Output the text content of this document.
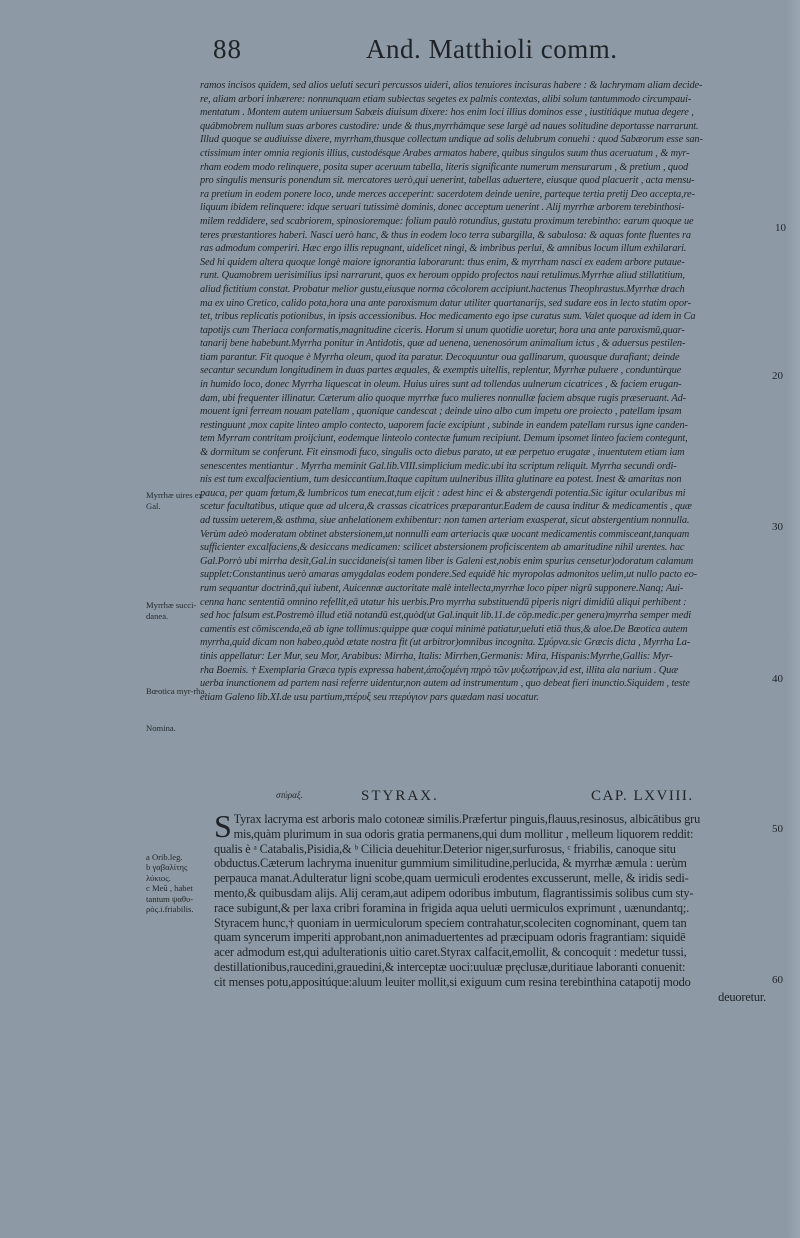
88	And. Matthioli comm.
ramos incisos quidem, sed alios ueluti securi percussos uideri, alios tenuiores incisuras habere : & lachrymam aliam decide-
re, aliam arbori inhærere: nonnunquam etiam subiectas segetes ex palmis contextas, alibi solum tantummodo circumpaui-
mentatum . Montem autem uniuersum Sabæis diuisum dixere: hos enim loci illius dominos esse , iustitiáque mutua degere ,
quábmobrem nullum suas arbores custodire: unde & thus,myrrhámque sese largè ad naues solitudine deportasse narrarunt.
Illud quoque se audiuisse dixere, myrrham,thusque collectum undique ad solis delubrum conuehi : quod Sabæorum esse san-
ctissimum inter omnia regionis illius, custodésque Arabes armatos habere, quibus singulos suum thus aceruatum , & myr-
rham eodem modo relinquere, posita super aceruum tabella, literis significante numerum mensurarum , & pretium , quod
pro singulis mensuris ponendum sit. mercatores uerò,qui uenerint, tabellas aduertere, eiusque quod placuerit , acta mensu-
ra pretium in eodem ponere loco, unde merces acceperint: sacerdotem deinde uenire, parteque tertia pretij Deo accepta,re-
liquum ibidem relinquere: idque seruari tutissimè dominis, donec acceptum uenerint . Alij myrrhæ arborem terebinthosi-
milem reddidere, sed scabriorem, spinosioremque: folium paulò rotundius, gustatu proximum terebintho: earum quoque ue
teres præstantiores haberi. Nasci uerò hanc, & thus in eodem loco terra subargilla, & sabulosa: & aquas fonte fluentes ra
ras admodum comperiri. Hæc ergo illis repugnant, uidelicet ningi, & imbribus perlui, & amnibus locum illum exhilarari.
Sed hi quidem altera quoque longè maiore ignorantia laborarunt: thus enim, & myrrham nasci ex eadem arbore putaue-
runt. Quamobrem uerisimilius ipsi narrarunt, quos ex heroum oppido profectos naui retulimus.Myrrhæ aliud stillatitium,
aliud fictitium constat. Probatur melior gustu,eiusque norma côcolorem accipiunt.hactenus Theophrastus.Myrrhæ drach
ma ex uino Cretico, calido pota,hora una ante paroxismum datur utiliter quartanarijs, sed sudare eos in lecto statim opor-
tet, tribus replicatis potionibus, in ipsis accessionibus. Hoc medicamento ego ipse curatus sum. Valet quoque ad idem in Ca
tapotijs cum Theriaca conformatis,magnitudine ciceris. Horum si unum quotidie uoretur, hora una ante paroxismū,quar-
tanarij bene habebunt.Myrrha ponitur in Antidotis, quæ ad uenena, uenenosórum animalium ictus , & aduersus pestilen-
tiam parantur. Fit quoque è Myrrha oleum, quod ita paratur. Decoquuntur oua gallinarum, quousque durafiant; deinde
secantur secundum longitudinem in duas partes æquales, & exemptis uitellis, replentur, Myrrhæ puluere , conduntúrque
in humido loco, donec Myrrha liquescat in oleum. Huius uires sunt ad tollendas uulnerum cicatrices , & faciem erugan-
dam, ubi frequenter illinatur. Cæterum alio quoque myrrhæ fuco mulieres nonnullæ faciem absque rugis præseruant. Ad-
mouent igni ferream nouam patellam , quoníque candescat ; deinde uino albo cum impetu ore proiecto , patellam ipsam
restinguunt ,mox capite linteo amplo contecto, uaporem facie excipiunt , subinde in eandem patellam rursus igne canden-
tem Myrram contritam proijciunt, eodemque linteolo contectæ fumum recipiunt. Demum ipsomet linteo faciem contegunt,
& dormitum se conferunt. Fit einsmodi fuco, singulis octo diebus parato, ut eæ perpetuo erugatæ , inuentutem etiam iam
senescentes mentiantur . Myrrha meminit Gal.lib.VIII.simplicium medic.ubi ita scriptum reliquit. Myrrha secundi ordi-
nis est tum excalfacientium, tum desiccantium.Itaque capitum uulneribus illita glutinare ea potest. Inest & amaritas non
pauca, per quam fœtum,& lumbricos tum enecat,tum eijcit : adest hinc ei & abstergendi potentia.Sic igitur ocularibus mi
scetur facultatibus, utique quæ ad ulcera,& crassas cicatrices præparantur.Eadem de causa inditur & medicamentis , quæ
ad tussim ueterem,& asthma, siue anhelationem exhibentur: non tamen arteriam exasperat, sicut abstergentium nonnulla.
Verùm adeò moderatam obtinet abstersionem,ut nonnulli eam arteriacis quæ uocant medicamentis commisceant,tanquam
sufficienter excalfaciens,& desiccans medicamen: scilicet abstersionem proficiscentem ab amaritudine nihil urentes. hac
Gal.Porrò ubi mirrha desit,Gal.in succidaneis(si tamen liber is Galeni est,nobis enim spurius censetur)odoratum calamum
supplet:Constantinus uerò amaras amygdalas eodem pondere.Sed equidē hic myropolas admonitos uelim,ut nullo pacto eo-
rum sequantur doctrinā,qui iubent, Auicennæ auctoritate malè intellecta,myrrhæ loco piper nigrū supponere.Nanq; Aui-
cenna hanc sententiā omnino refellit,eā utatur his uerbis.Pro myrrha substituendū piperis nigri dimidiū aliqui perhibent :
sed hoc falsum est.Postremò illud etiā notandū est,quòd(ut Gal.inquit lib.11.de cōp.medic.per genera)myrrha semper medi
camentis est cōmiscenda,eā ab igne tollimus:quippe quæ coqui minimè patiatur,ueluti etiā thus,& aloe.De Bœotica autem
myrrha,quid dicam non habeo,quòd ætate nostra fit (ut arbitror)omnibus incognita. Σμύρνα.sic Græcis dicta , Myrrha La-
tinis appellatur: Ler Mur, seu Mor, Arabibus: Mirrha, Italis: Mirrhen,Germanis: Mira, Hispanis:Myrrhe,Gallis: Myr-
rha Boemis. † Exemplaria Græca typis expressa habent,ἀποζομένη πηρὸ τῶν μυξωτήρων,id est, illita ala narium . Quæ
uerba inunctionem ad partem nasi referre uidentur,non autem ad instrumentum , quo debeat fieri inunctio.Siquidem , teste
etiam Galeno lib.XI.de usu partium,πτέρυξ seu πτερύγιον pars quædam nasi uocatur.
10
20
30
40
50
60
Myrrhæ uires ex Gal.
Myrrhæ succi-danea.
Bœotica myr-rha.
Nomina.
στύραξ.	STYRAX.	CAP. LXVIII.
S Tyrax lacryma est arboris malo cotoneæ similis.Præfertur pinguis,flauus,resinosus, albicātibus gru
mis,quàm plurimum in sua odoris gratia permanens,qui dum mollitur , melleum liquorem reddit:
qualis è ᵃ Catabalis,Pisidia,& ᵇ Cilicia deuehitur.Deterior niger,surfurosus, ᶜ friabilis, canoque situ
obductus.Cæterum lachryma inuenitur gummium similitudine,perlucida, & myrrhæ æmula : uerùm
perpauca manat.Adulteratur ligni scobe,quam uermiculi erodentes excusserunt, melle, & iridis sedi-
mento,& quibusdam alijs. Alij ceram,aut adipem odoribus imbutum, flagrantissimis solibus cum sty-
race subigunt,& per laxa cribri foramina in frigida aqua ueluti uermiculos exprimunt , uænundantq;.
Styracem hunc,† quoniam in uermiculorum speciem contrahatur,scoleciten cognominant, quem tan
quam syncerum imperiti approbant,non animaduertentes ad præcipuam odoris fragrantiam: siquidē
acer admodum est,qui adulterationis uitio caret.Styrax calfacit,emollit, & concoquit : medetur tussi,
destillationibus,raucedini,grauedini,& interceptæ uoci:uuluæ pręclusæ,duritiaue laboranti conuenit:
cit menses potu,appositúque:aluum leuiter mollit,si exiguum cum resina terebinthina catapotij modo
deuoretur.
a Orib.leg.
b γαβαλίτης
λύκιος.
c Meū , habet
tantum ψαθυ-
ρὸς.i.friabilis.
